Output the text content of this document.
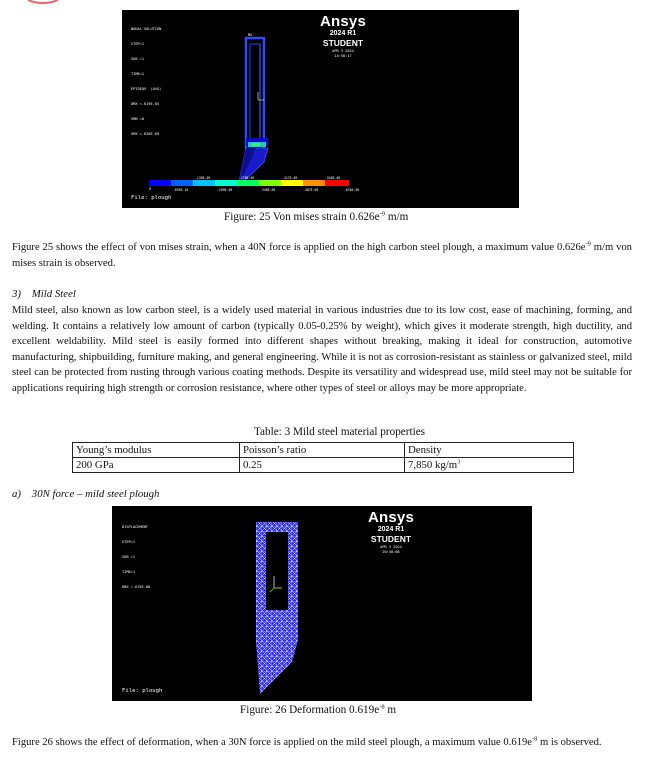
NODAL SOLUTION

STEP=1

SUB =1

TIME=1

EPTOEQV  (AVG)

DMX =.619E-05

SMN =0

SMX =.626E-09

Ansys
2024 R1
STUDENT
APR 3 2024
14:58:17
MX
0
.139E-09	.278E-09	.417E-09	.556E-09
.695E-10	.209E-09	.348E-09	.487E-09	.626E-09
File: plough
Figure: 25 Von mises strain $0.626e^{-9}$ m/m

Figure 25 shows the effect of von mises strain, when a 40N force is applied on the high carbon steel plough, a maximum value $0.626e^{-9}$ m/m von mises strain is observed.

3)    Mild Steel
Mild steel, also known as low carbon steel, is a widely used material in various industries due to its low cost, ease of machining, forming, and welding. It contains a relatively low amount of carbon (typically 0.05-0.25% by weight), which gives it moderate strength, high ductility, and excellent weldability. Mild steel is easily formed into different shapes without breaking, making it ideal for construction, automotive manufacturing, shipbuilding, furniture making, and general engineering. While it is not as corrosion-resistant as stainless or galvanized steel, mild steel can be protected from rusting through various coating methods. Despite its versatility and widespread use, mild steel may not be suitable for applications requiring high strength or corrosion resistance, where other types of steel or alloys may be more appropriate.
Table: 3 Mild steel material properties
Young’s modulus	Poisson’s ratio	Density
200 GPa	0.25	7,850 $kg/m^3$
a)    30N force – mild steel plough

DISPLACEMENT

STEP=1

SUB =1

TIME=1

DMX =.619E-08

Ansys
2024 R1
STUDENT
APR 3 2024
20:50:06
File: plough
Figure: 26 Deformation $0.619e^{-8}$ m

Figure 26 shows the effect of deformation, when a 30N force is applied on the mild steel plough, a maximum value $0.619e^{-8}$ m is observed.
